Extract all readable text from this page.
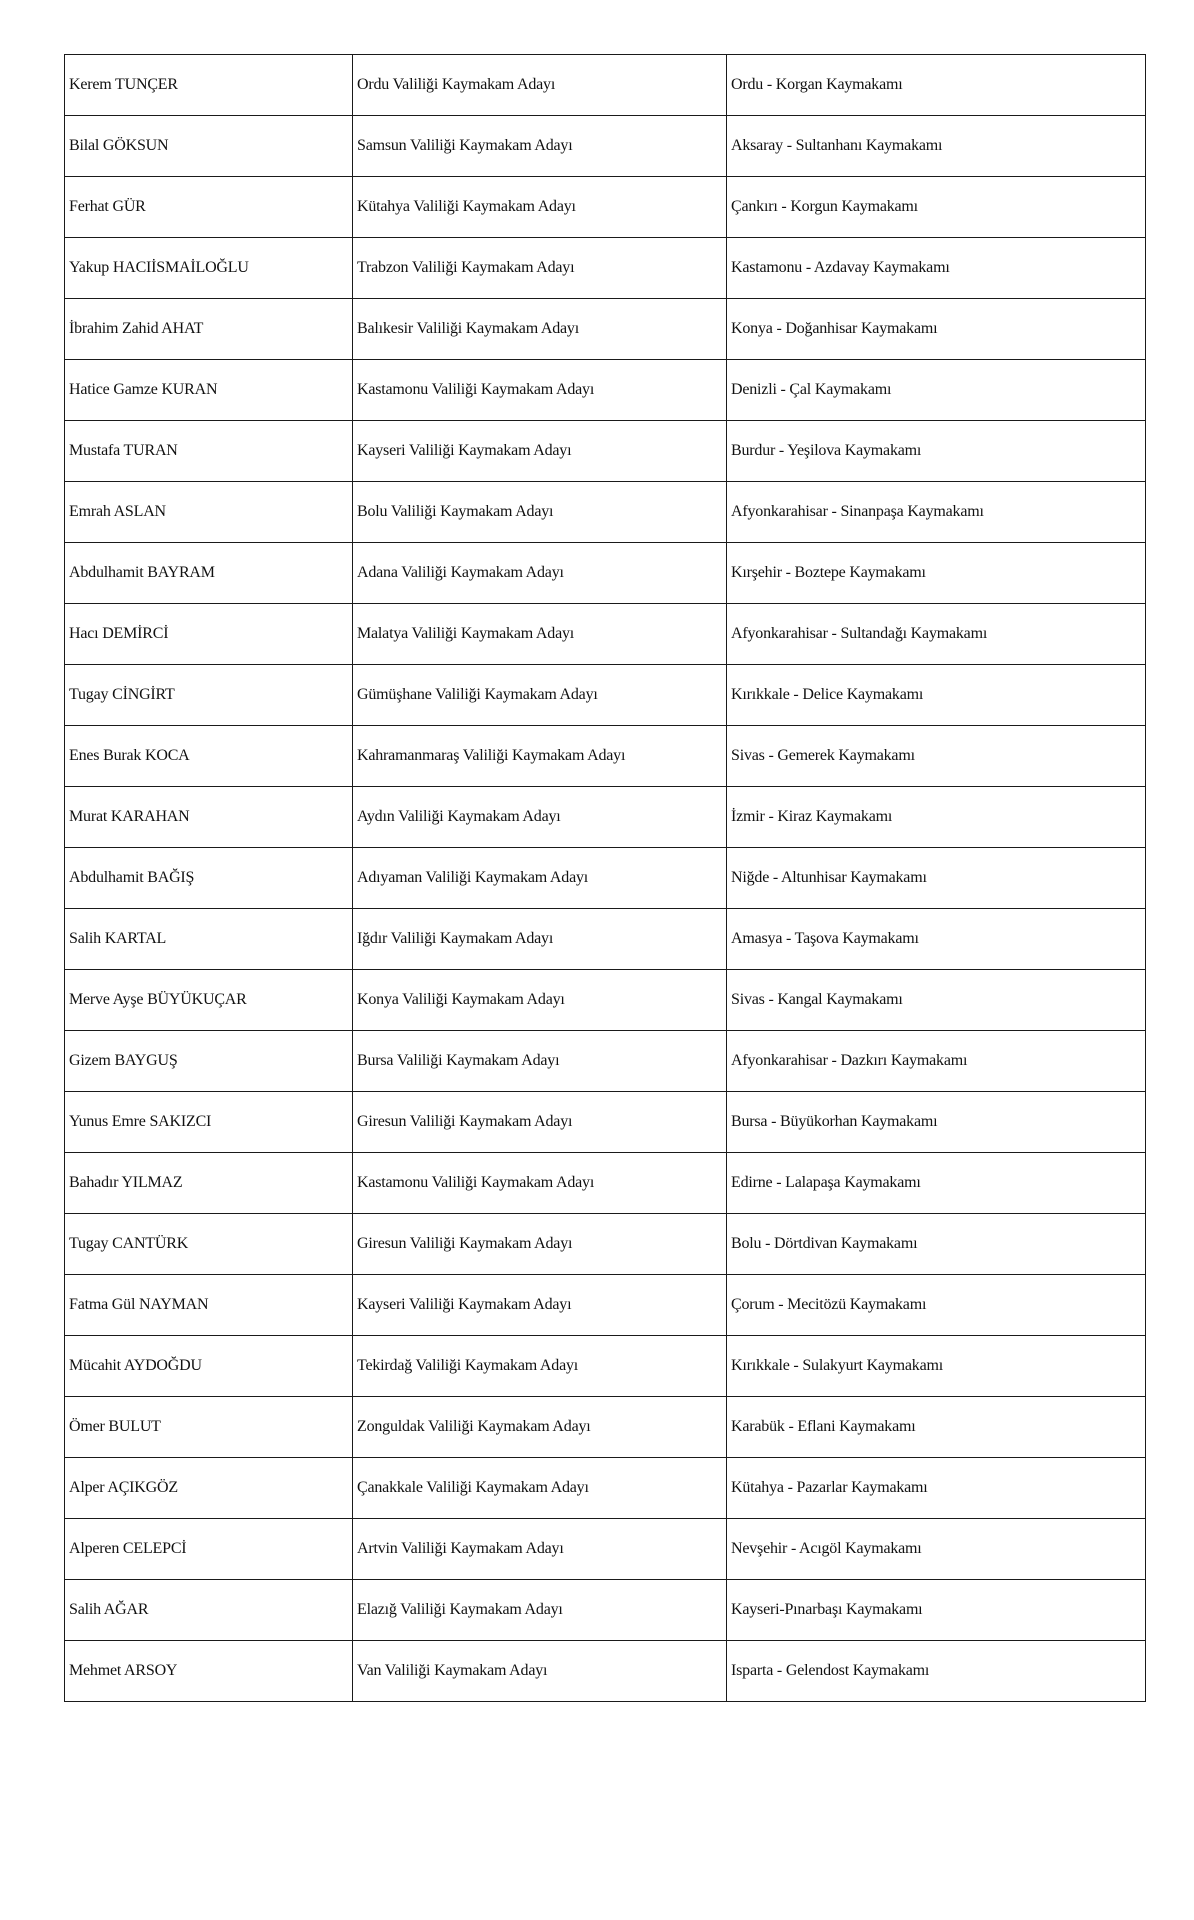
Kerem TUNÇER	Ordu Valiliği Kaymakam Adayı	Ordu - Korgan Kaymakamı
Bilal GÖKSUN	Samsun Valiliği Kaymakam Adayı	Aksaray - Sultanhanı Kaymakamı
Ferhat GÜR	Kütahya Valiliği Kaymakam Adayı	Çankırı - Korgun Kaymakamı
Yakup HACIİSMAİLOĞLU	Trabzon Valiliği Kaymakam Adayı	Kastamonu - Azdavay Kaymakamı
İbrahim Zahid AHAT	Balıkesir Valiliği Kaymakam Adayı	Konya - Doğanhisar Kaymakamı
Hatice Gamze KURAN	Kastamonu Valiliği Kaymakam Adayı	Denizli - Çal Kaymakamı
Mustafa TURAN	Kayseri Valiliği Kaymakam Adayı	Burdur - Yeşilova Kaymakamı
Emrah ASLAN	Bolu Valiliği Kaymakam Adayı	Afyonkarahisar - Sinanpaşa Kaymakamı
Abdulhamit BAYRAM	Adana Valiliği Kaymakam Adayı	Kırşehir - Boztepe Kaymakamı
Hacı DEMİRCİ	Malatya Valiliği Kaymakam Adayı	Afyonkarahisar - Sultandağı Kaymakamı
Tugay CİNGİRT	Gümüşhane Valiliği Kaymakam Adayı	Kırıkkale - Delice Kaymakamı
Enes Burak KOCA	Kahramanmaraş Valiliği Kaymakam Adayı	Sivas - Gemerek Kaymakamı
Murat KARAHAN	Aydın Valiliği Kaymakam Adayı	İzmir - Kiraz Kaymakamı
Abdulhamit BAĞIŞ	Adıyaman Valiliği Kaymakam Adayı	Niğde - Altunhisar Kaymakamı
Salih KARTAL	Iğdır Valiliği Kaymakam Adayı	Amasya - Taşova Kaymakamı
Merve Ayşe BÜYÜKUÇAR	Konya Valiliği Kaymakam Adayı	Sivas - Kangal Kaymakamı
Gizem BAYGUŞ	Bursa Valiliği Kaymakam Adayı	Afyonkarahisar - Dazkırı Kaymakamı
Yunus Emre SAKIZCI	Giresun Valiliği Kaymakam Adayı	Bursa - Büyükorhan Kaymakamı
Bahadır YILMAZ	Kastamonu Valiliği Kaymakam Adayı	Edirne - Lalapaşa Kaymakamı
Tugay CANTÜRK	Giresun Valiliği Kaymakam Adayı	Bolu - Dörtdivan Kaymakamı
Fatma Gül NAYMAN	Kayseri Valiliği Kaymakam Adayı	Çorum - Mecitözü Kaymakamı
Mücahit AYDOĞDU	Tekirdağ Valiliği Kaymakam Adayı	Kırıkkale - Sulakyurt Kaymakamı
Ömer BULUT	Zonguldak Valiliği Kaymakam Adayı	Karabük - Eflani Kaymakamı
Alper AÇIKGÖZ	Çanakkale Valiliği Kaymakam Adayı	Kütahya - Pazarlar Kaymakamı
Alperen CELEPCİ	Artvin Valiliği Kaymakam Adayı	Nevşehir - Acıgöl Kaymakamı
Salih AĞAR	Elazığ Valiliği Kaymakam Adayı	Kayseri-Pınarbaşı Kaymakamı
Mehmet ARSOY	Van Valiliği Kaymakam Adayı	Isparta - Gelendost Kaymakamı
